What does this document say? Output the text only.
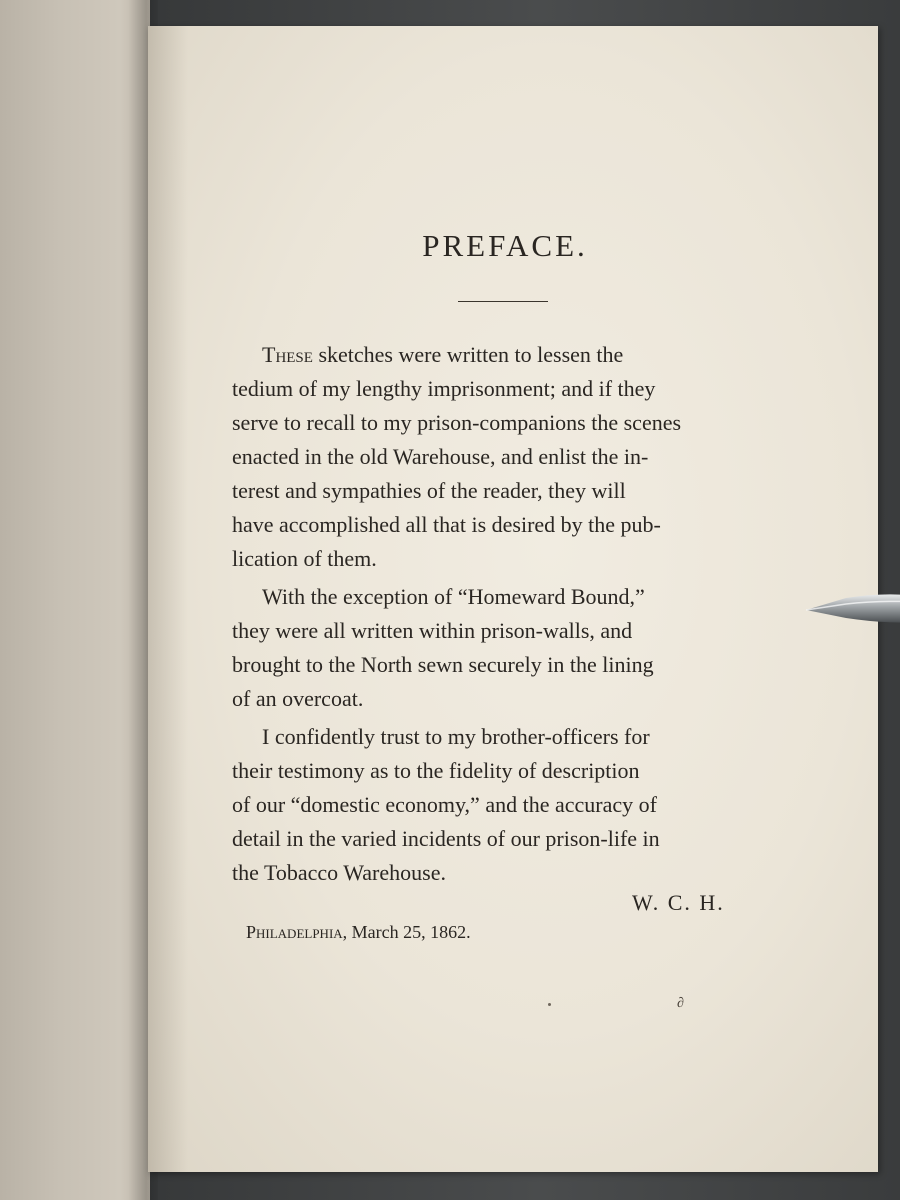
PREFACE.
These sketches were written to lessen the
tedium of my lengthy imprisonment; and if they
serve to recall to my prison-companions the scenes
enacted in the old Warehouse, and enlist the in-
terest and sympathies of the reader, they will
have accomplished all that is desired by the pub-
lication of them.
With the exception of “Homeward Bound,”
they were all written within prison-walls, and
brought to the North sewn securely in the lining
of an overcoat.
I confidently trust to my brother-officers for
their testimony as to the fidelity of description
of our “domestic economy,” and the accuracy of
detail in the varied incidents of our prison-life in
the Tobacco Warehouse.
W. C. H.
Philadelphia, March 25, 1862.
∂
